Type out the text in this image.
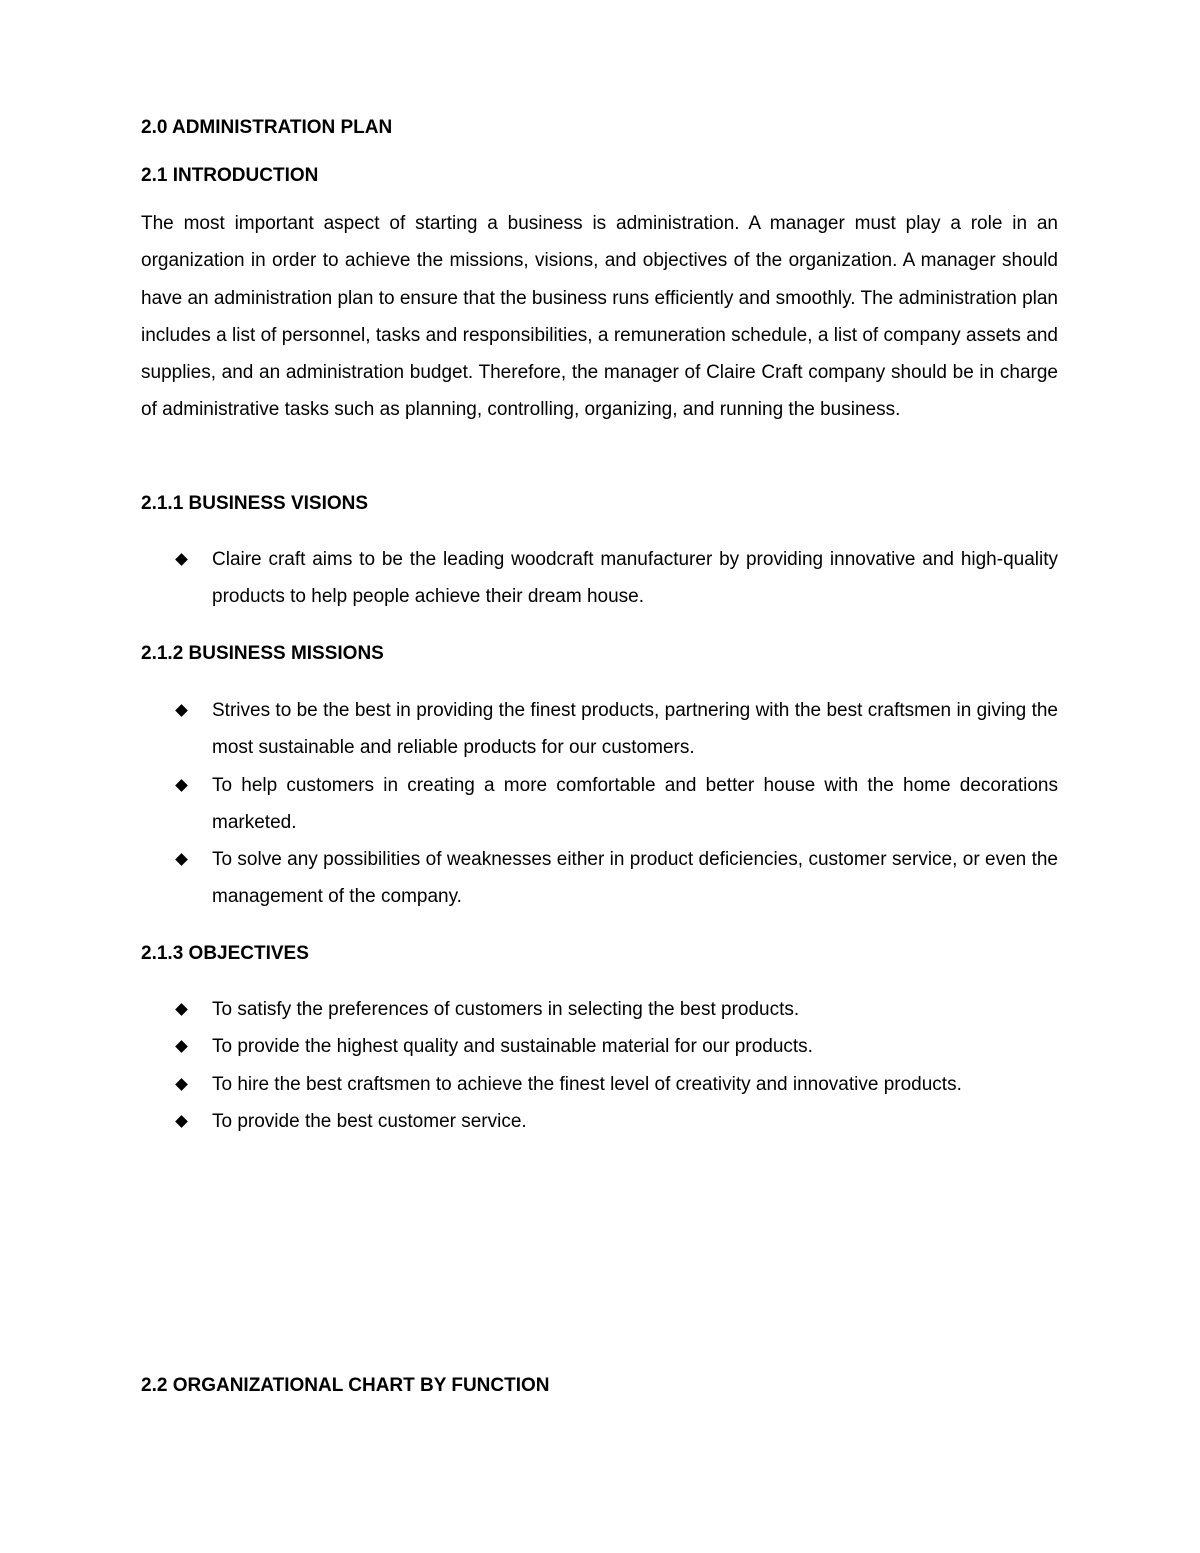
2.0 ADMINISTRATION PLAN
2.1 INTRODUCTION

The most important aspect of starting a business is administration. A manager must play a role in an organization in order to achieve the missions, visions, and objectives of the organization. A manager should have an administration plan to ensure that the business runs efficiently and smoothly. The administration plan includes a list of personnel, tasks and responsibilities, a remuneration schedule, a list of company assets and supplies, and an administration budget. Therefore, the manager of Claire Craft company should be in charge of administrative tasks such as planning, controlling, organizing, and running the business.

2.1.1 BUSINESS VISIONS
Claire craft aims to be the leading woodcraft manufacturer by providing innovative and high-quality products to help people achieve their dream house.
2.1.2 BUSINESS MISSIONS
Strives to be the best in providing the finest products, partnering with the best craftsmen in giving the most sustainable and reliable products for our customers.
To help customers in creating a more comfortable and better house with the home decorations marketed.
To solve any possibilities of weaknesses either in product deficiencies, customer service, or even the management of the company.
2.1.3 OBJECTIVES
To satisfy the preferences of customers in selecting the best products.
To provide the highest quality and sustainable material for our products.
To hire the best craftsmen to achieve the finest level of creativity and innovative products.
To provide the best customer service.
2.2 ORGANIZATIONAL CHART BY FUNCTION
